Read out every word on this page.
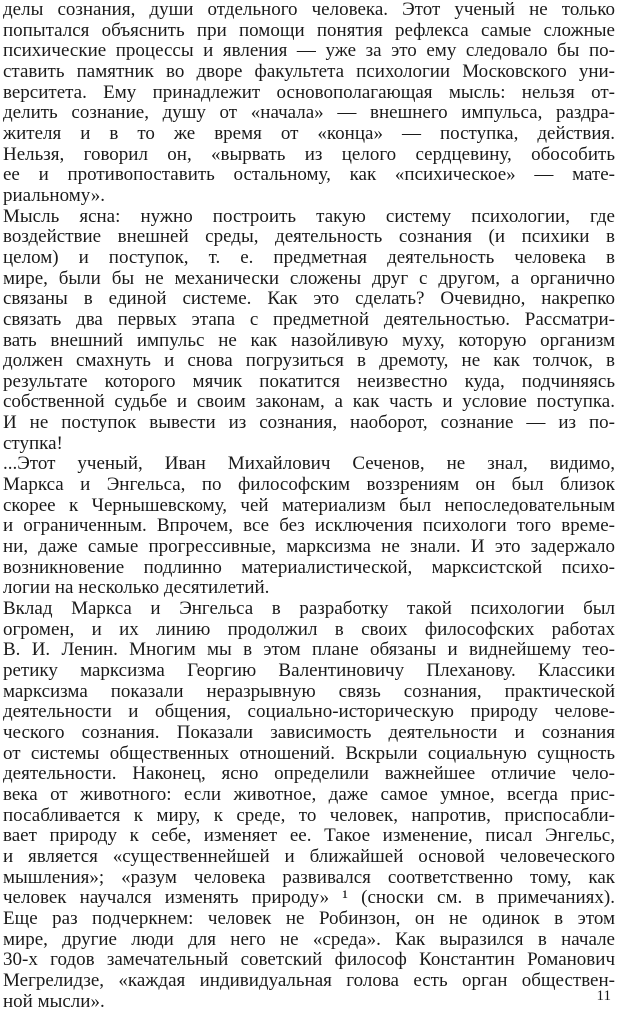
делы сознания, души отдельного человека. Этот ученый не только
попытался объяснить при помощи понятия рефлекса самые сложные
психические процессы и явления — уже за это ему следовало бы по-
ставить памятник во дворе факультета психологии Московского уни-
верситета. Ему принадлежит основополагающая мысль: нельзя от-
делить сознание, душу от «начала» — внешнего импульса, раздра-
жителя и в то же время от «конца» — поступка, действия.
Нельзя, говорил он, «вырвать из целого сердцевину, обособить
ее и противопоставить остальному, как «психическое» — мате-
риальному».
Мысль ясна: нужно построить такую систему психологии, где
воздействие внешней среды, деятельность сознания (и психики в
целом) и поступок, т. е. предметная деятельность человека в
мире, были бы не механически сложены друг с другом, а органично
связаны в единой системе. Как это сделать? Очевидно, накрепко
связать два первых этапа с предметной деятельностью. Рассматри-
вать внешний импульс не как назойливую муху, которую организм
должен смахнуть и снова погрузиться в дремоту, не как толчок, в
результате которого мячик покатится неизвестно куда, подчиняясь
собственной судьбе и своим законам, а как часть и условие поступка.
И не поступок вывести из сознания, наоборот, сознание — из по-
ступка!
...Этот ученый, Иван Михайлович Сеченов, не знал, видимо,
Маркса и Энгельса, по философским воззрениям он был близок
скорее к Чернышевскому, чей материализм был непоследовательным
и ограниченным. Впрочем, все без исключения психологи того време-
ни, даже самые прогрессивные, марксизма не знали. И это задержало
возникновение подлинно материалистической, марксистской психо-
логии на несколько десятилетий.
Вклад Маркса и Энгельса в разработку такой психологии был
огромен, и их линию продолжил в своих философских работах
В. И. Ленин. Многим мы в этом плане обязаны и виднейшему тео-
ретику марксизма Георгию Валентиновичу Плеханову. Классики
марксизма показали неразрывную связь сознания, практической
деятельности и общения, социально-историческую природу челове-
ческого сознания. Показали зависимость деятельности и сознания
от системы общественных отношений. Вскрыли социальную сущность
деятельности. Наконец, ясно определили важнейшее отличие чело-
века от животного: если животное, даже самое умное, всегда прис-
посабливается к миру, к среде, то человек, напротив, приспосабли-
вает природу к себе, изменяет ее. Такое изменение, писал Энгельс,
и является «существеннейшей и ближайшей основой человеческого
мышления»; «разум человека развивался соответственно тому, как
человек научался изменять природу» ¹ (сноски см. в примечаниях).
Еще раз подчеркнем: человек не Робинзон, он не одинок в этом
мире, другие люди для него не «среда». Как выразился в начале
30-х годов замечательный советский философ Константин Романович
Мегрелидзе, «каждая индивидуальная голова есть орган обществен-
ной мысли».	11
